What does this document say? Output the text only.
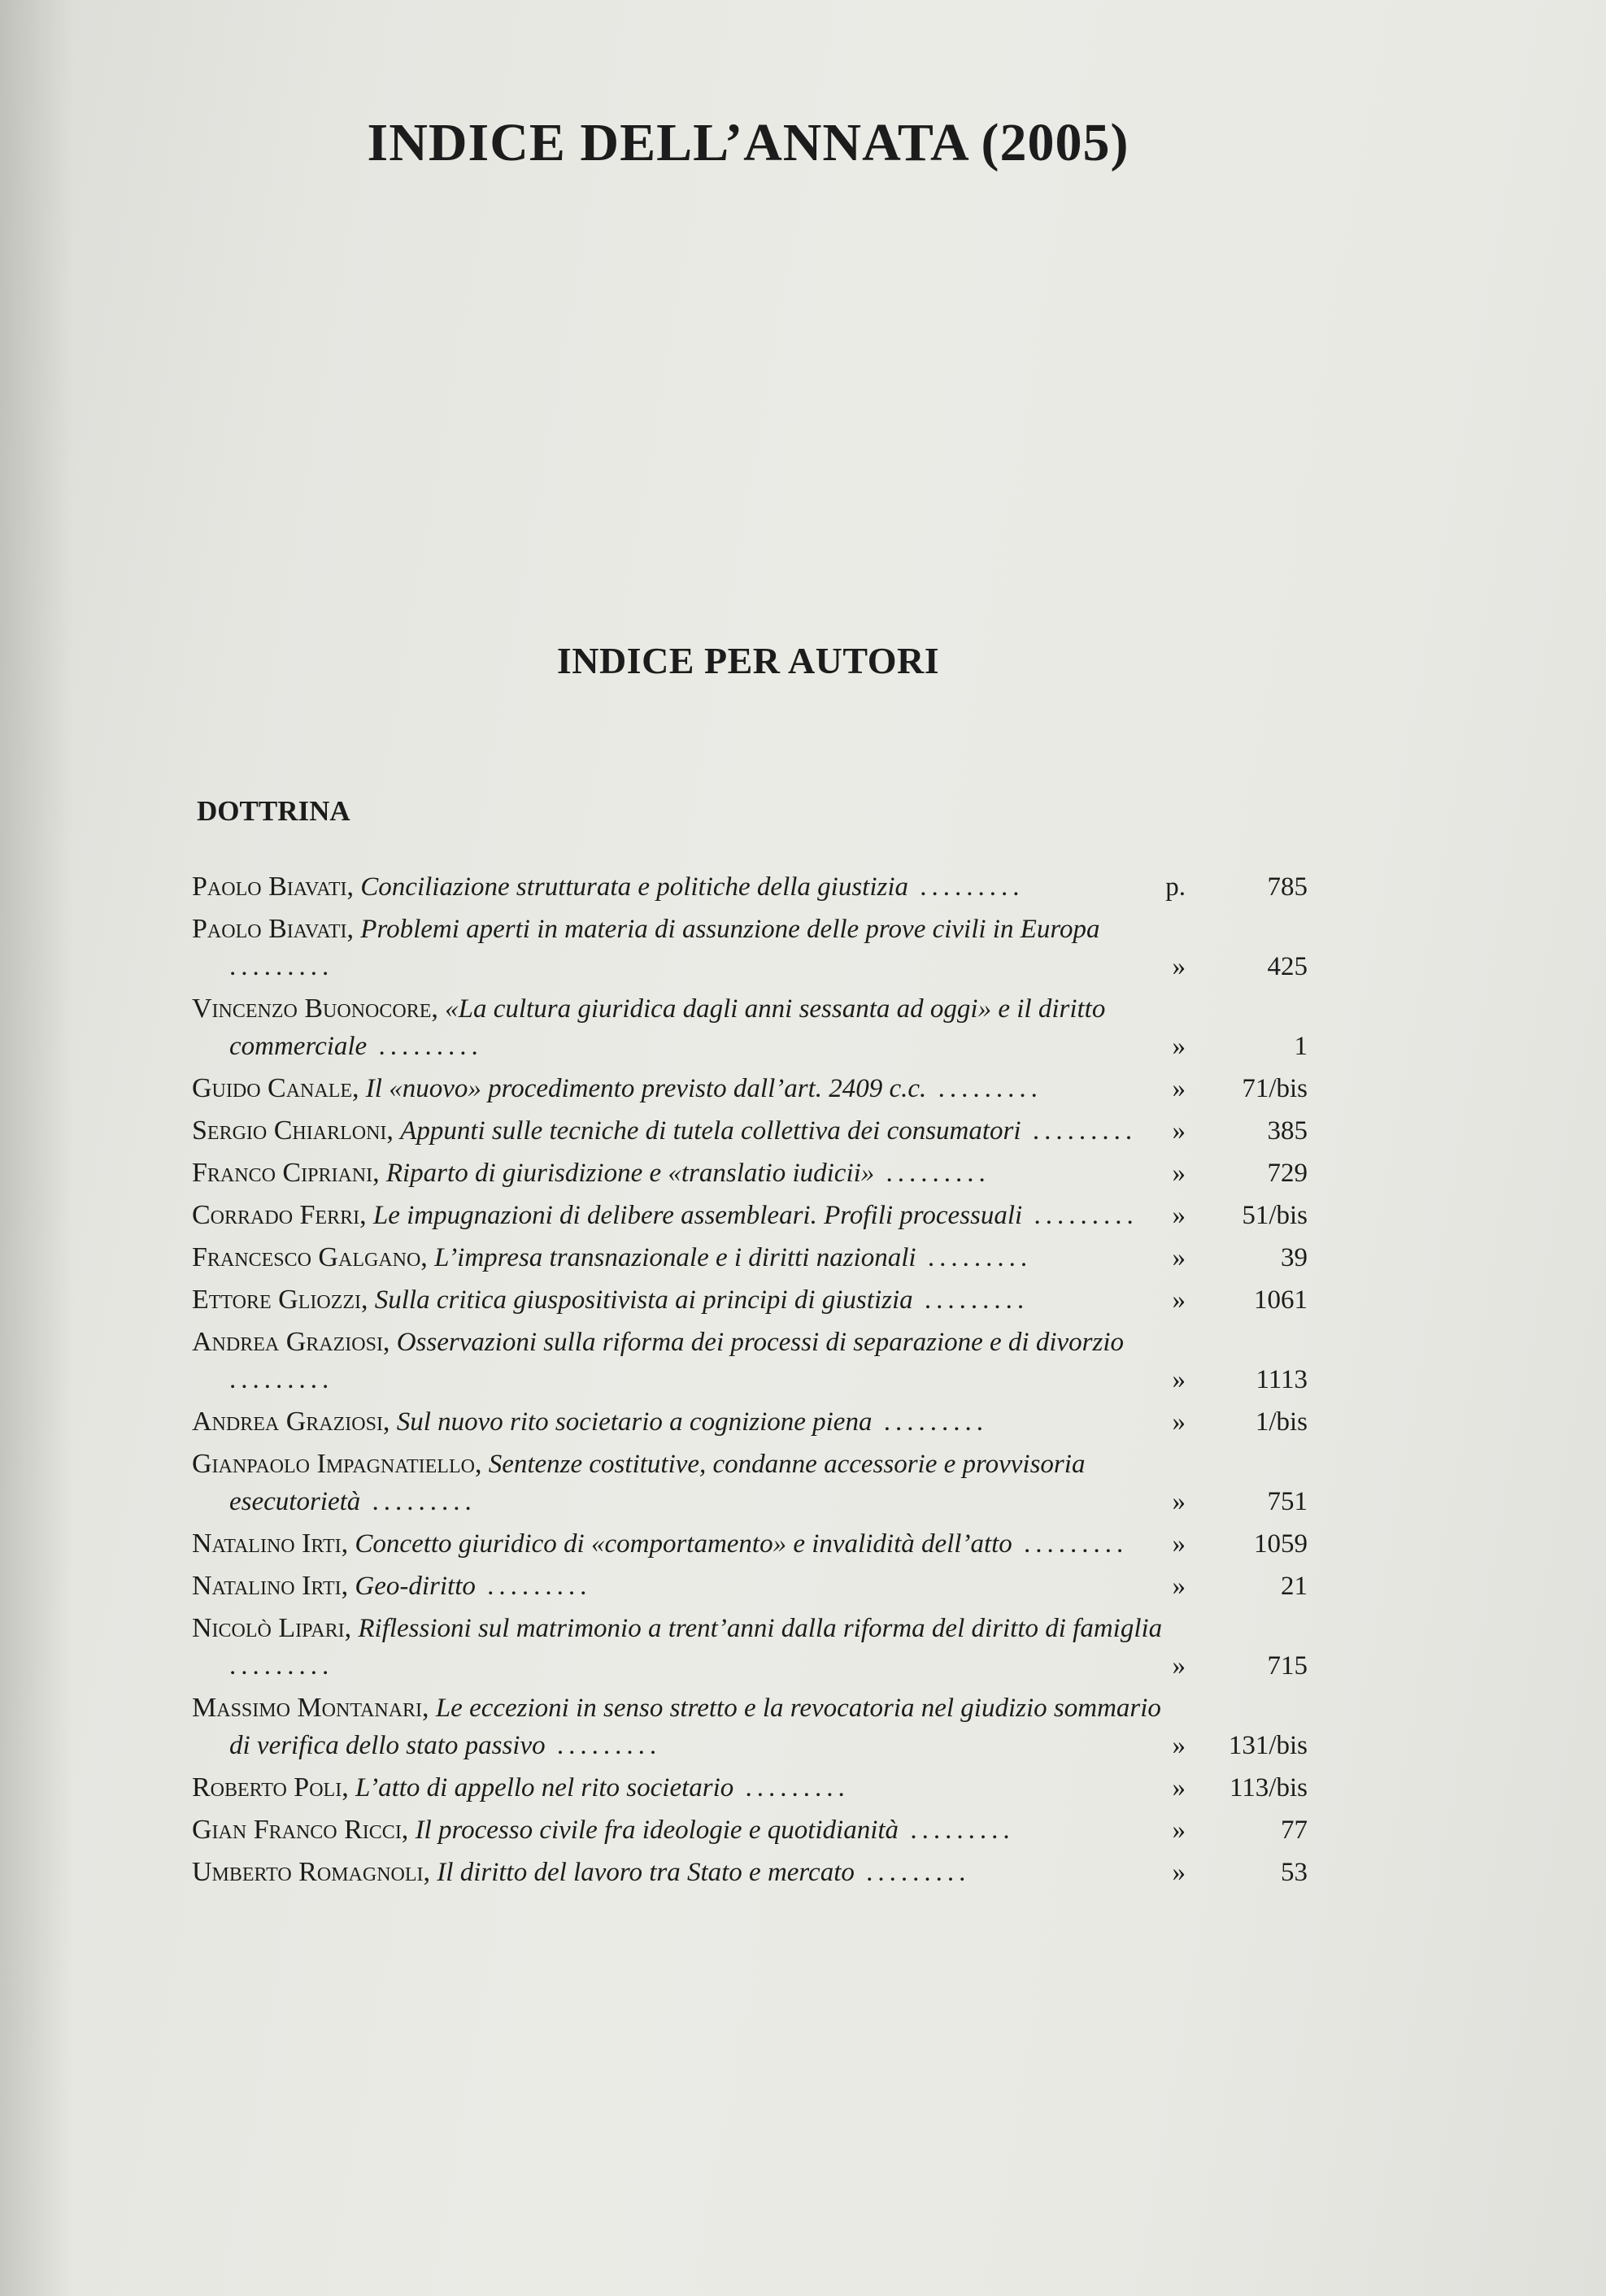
INDICE DELL’ANNATA (2005)
INDICE PER AUTORI
DOTTRINA
Paolo Biavati, Conciliazione strutturata e politiche della giustizia .........	p.	785
Paolo Biavati, Problemi aperti in materia di assunzione delle prove civili in Europa .........	»	425
Vincenzo Buonocore, «La cultura giuridica dagli anni sessanta ad oggi» e il diritto commerciale .........	»	1
Guido Canale, Il «nuovo» procedimento previsto dall’art. 2409 c.c. .........	»	71/bis
Sergio Chiarloni, Appunti sulle tecniche di tutela collettiva dei consumatori .........	»	385
Franco Cipriani, Riparto di giurisdizione e «translatio iudicii» .........	»	729
Corrado Ferri, Le impugnazioni di delibere assembleari. Profili processuali .........	»	51/bis
Francesco Galgano, L’impresa transnazionale e i diritti nazionali .........	»	39
Ettore Gliozzi, Sulla critica giuspositivista ai principi di giustizia .........	»	1061
Andrea Graziosi, Osservazioni sulla riforma dei processi di separazione e di divorzio .........	»	1113
Andrea Graziosi, Sul nuovo rito societario a cognizione piena .........	»	1/bis
Gianpaolo Impagnatiello, Sentenze costitutive, condanne accessorie e provvisoria esecutorietà .........	»	751
Natalino Irti, Concetto giuridico di «comportamento» e invalidità dell’atto .........	»	1059
Natalino Irti, Geo-diritto .........	»	21
Nicolò Lipari, Riflessioni sul matrimonio a trent’anni dalla riforma del diritto di famiglia .........	»	715
Massimo Montanari, Le eccezioni in senso stretto e la revocatoria nel giudizio sommario di verifica dello stato passivo .........	»	131/bis
Roberto Poli, L’atto di appello nel rito societario .........	»	113/bis
Gian Franco Ricci, Il processo civile fra ideologie e quotidianità .........	»	77
Umberto Romagnoli, Il diritto del lavoro tra Stato e mercato .........	»	53
